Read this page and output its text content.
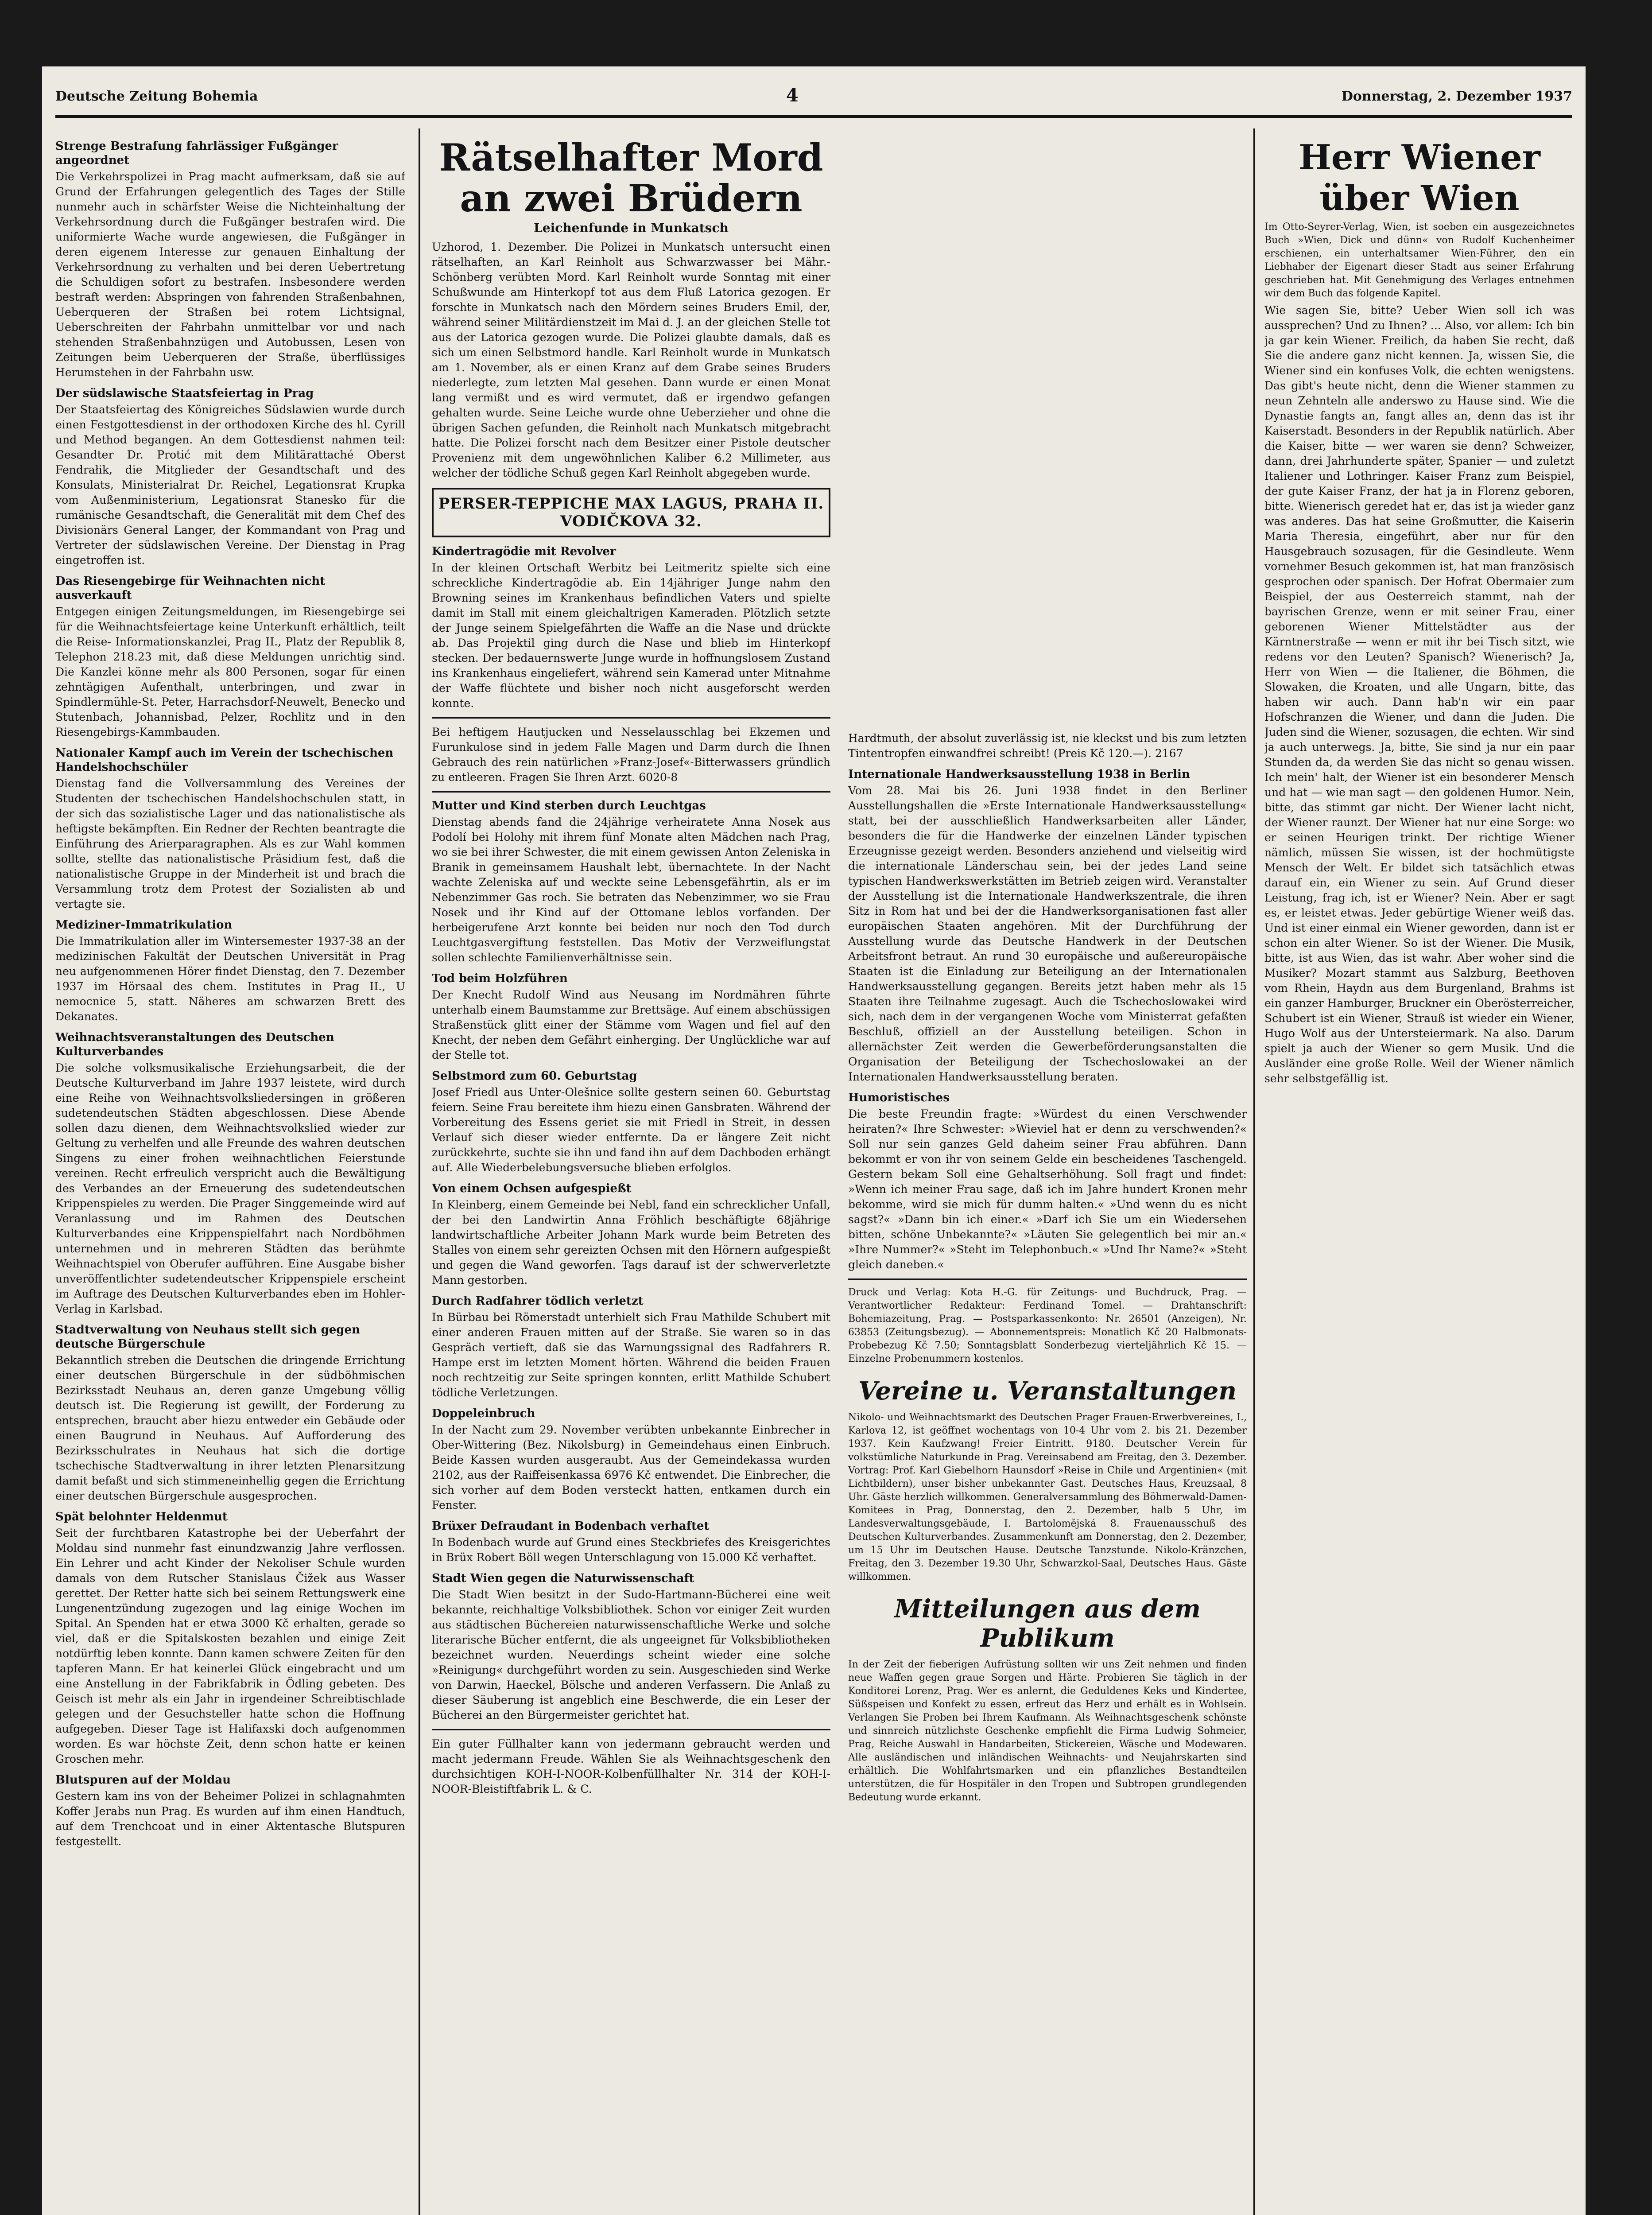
Deutsche Zeitung Bohemia	4	Donnerstag, 2. Dezember 1937
Strenge Bestrafung fahrlässiger Fußgänger angeordnet
Die Verkehrspolizei in Prag macht aufmerksam, daß sie auf Grund der Erfahrungen gelegentlich des Tages der Stille nunmehr auch in schärfster Weise die Nichteinhaltung der Verkehrsordnung durch die Fußgänger bestrafen wird. Die uniformierte Wache wurde angewiesen, die Fußgänger in deren eigenem Interesse zur genauen Einhaltung der Verkehrsordnung zu verhalten und bei deren Uebertretung die Schuldigen sofort zu bestrafen. Insbesondere werden bestraft werden: Abspringen von fahrenden Straßenbahnen, Ueberqueren der Straßen bei rotem Lichtsignal, Ueberschreiten der Fahrbahn unmittelbar vor und nach stehenden Straßenbahnzügen und Autobussen, Lesen von Zeitungen beim Ueberqueren der Straße, überflüssiges Herumstehen in der Fahrbahn usw.
Der südslawische Staatsfeiertag in Prag
Der Staatsfeiertag des Königreiches Südslawien wurde durch einen Festgottesdienst in der orthodoxen Kirche des hl. Cyrill und Method begangen. An dem Gottesdienst nahmen teil: Gesandter Dr. Protić mit dem Militärattaché Oberst Fendrałik, die Mitglieder der Gesandtschaft und des Konsulats, Ministerialrat Dr. Reichel, Legationsrat Krupka vom Außenministerium, Legationsrat Stanesko für die rumänische Gesandtschaft, die Generalität mit dem Chef des Divisionärs General Langer, der Kommandant von Prag und Vertreter der südslawischen Vereine. Der Dienstag in Prag eingetroffen ist.
Das Riesengebirge für Weihnachten nicht ausverkauft
Entgegen einigen Zeitungsmeldungen, im Riesengebirge sei für die Weihnachtsfeiertage keine Unterkunft erhältlich, teilt die Reise- Informationskanzlei, Prag II., Platz der Republik 8, Telephon 218.23 mit, daß diese Meldungen unrichtig sind. Die Kanzlei könne mehr als 800 Personen, sogar für einen zehntägigen Aufenthalt, unterbringen, und zwar in Spindlermühle-St. Peter, Harrachsdorf-Neuwelt, Benecko und Stutenbach, Johannisbad, Pelzer, Rochlitz und in den Riesengebirgs-Kammbauden.
Nationaler Kampf auch im Verein der tschechischen Handelshochschüler
Dienstag fand die Vollversammlung des Vereines der Studenten der tschechischen Handelshochschulen statt, in der sich das sozialistische Lager und das nationalistische als heftigste bekämpften. Ein Redner der Rechten beantragte die Einführung des Arierparagraphen. Als es zur Wahl kommen sollte, stellte das nationalistische Präsidium fest, daß die nationalistische Gruppe in der Minderheit ist und brach die Versammlung trotz dem Protest der Sozialisten ab und vertagte sie.
Mediziner-Immatrikulation
Die Immatrikulation aller im Wintersemester 1937-38 an der medizinischen Fakultät der Deutschen Universität in Prag neu aufgenommenen Hörer findet Dienstag, den 7. Dezember 1937 im Hörsaal des chem. Institutes in Prag II., U nemocnice 5, statt. Näheres am schwarzen Brett des Dekanates.
Weihnachtsveranstaltungen des Deutschen Kulturverbandes
Die solche volksmusikalische Erziehungsarbeit, die der Deutsche Kulturverband im Jahre 1937 leistete, wird durch eine Reihe von Weihnachtsvolksliedersingen in größeren sudetendeutschen Städten abgeschlossen. Diese Abende sollen dazu dienen, dem Weihnachtsvolkslied wieder zur Geltung zu verhelfen und alle Freunde des wahren deutschen Singens zu einer frohen weihnachtlichen Feierstunde vereinen. Recht erfreulich verspricht auch die Bewältigung des Verbandes an der Erneuerung des sudetendeutschen Krippenspieles zu werden. Die Prager Singgemeinde wird auf Veranlassung und im Rahmen des Deutschen Kulturverbandes eine Krippenspielfahrt nach Nordböhmen unternehmen und in mehreren Städten das berühmte Weihnachtspiel von Oberufer aufführen. Eine Ausgabe bisher unveröffentlichter sudetendeutscher Krippenspiele erscheint im Auftrage des Deutschen Kulturverbandes eben im Hohler-Verlag in Karlsbad.
Stadtverwaltung von Neuhaus stellt sich gegen deutsche Bürgerschule
Bekanntlich streben die Deutschen die dringende Errichtung einer deutschen Bürgerschule in der südböhmischen Bezirksstadt Neuhaus an, deren ganze Umgebung völlig deutsch ist. Die Regierung ist gewillt, der Forderung zu entsprechen, braucht aber hiezu entweder ein Gebäude oder einen Baugrund in Neuhaus. Auf Aufforderung des Bezirksschulrates in Neuhaus hat sich die dortige tschechische Stadtverwaltung in ihrer letzten Plenarsitzung damit befaßt und sich stimmeneinhellig gegen die Errichtung einer deutschen Bürgerschule ausgesprochen.
Spät belohnter Heldenmut
Seit der furchtbaren Katastrophe bei der Ueberfahrt der Moldau sind nunmehr fast einundzwanzig Jahre verflossen. Ein Lehrer und acht Kinder der Nekoliser Schule wurden damals von dem Rutscher Stanislaus Čižek aus Wasser gerettet. Der Retter hatte sich bei seinem Rettungswerk eine Lungenentzündung zugezogen und lag einige Wochen im Spital. An Spenden hat er etwa 3000 Kč erhalten, gerade so viel, daß er die Spitalskosten bezahlen und einige Zeit notdürftig leben konnte. Dann kamen schwere Zeiten für den tapferen Mann. Er hat keinerlei Glück eingebracht und um eine Anstellung in der Fabrikfabrik in Ödling gebeten. Des Geisch ist mehr als ein Jahr in irgendeiner Schreibtischlade gelegen und der Gesuchsteller hatte schon die Hoffnung aufgegeben. Dieser Tage ist Halifaxski doch aufgenommen worden. Es war höchste Zeit, denn schon hatte er keinen Groschen mehr.
Blutspuren auf der Moldau
Gestern kam ins von der Beheimer Polizei in schlagnahmten Koffer Jerabs nun Prag. Es wurden auf ihm einen Handtuch, auf dem Trenchcoat und in einer Aktentasche Blutspuren festgestellt.
Rätselhafter Mord an zwei Brüdern
Leichenfunde in Munkatsch
Uzhorod, 1. Dezember. Die Polizei in Munkatsch untersucht einen rätselhaften, an Karl Reinholt aus Schwarzwasser bei Mähr.-Schönberg verübten Mord. Karl Reinholt wurde Sonntag mit einer Schußwunde am Hinterkopf tot aus dem Fluß Latorica gezogen. Er forschte in Munkatsch nach den Mördern seines Bruders Emil, der, während seiner Militärdienstzeit im Mai d. J. an der gleichen Stelle tot aus der Latorica gezogen wurde. Die Polizei glaubte damals, daß es sich um einen Selbstmord handle. Karl Reinholt wurde in Munkatsch am 1. November, als er einen Kranz auf dem Grabe seines Bruders niederlegte, zum letzten Mal gesehen. Dann wurde er einen Monat lang vermißt und es wird vermutet, daß er irgendwo gefangen gehalten wurde. Seine Leiche wurde ohne Ueberzieher und ohne die übrigen Sachen gefunden, die Reinholt nach Munkatsch mitgebracht hatte. Die Polizei forscht nach dem Besitzer einer Pistole deutscher Provenienz mit dem ungewöhnlichen Kaliber 6.2 Millimeter, aus welcher der tödliche Schuß gegen Karl Reinholt abgegeben wurde.
PERSER-TEPPICHE MAX LAGUS, PRAHA II. VODIČKOVA 32.
Kindertragödie mit Revolver
In der kleinen Ortschaft Werbitz bei Leitmeritz spielte sich eine schreckliche Kindertragödie ab. Ein 14jähriger Junge nahm den Browning seines im Krankenhaus befindlichen Vaters und spielte damit im Stall mit einem gleichaltrigen Kameraden. Plötzlich setzte der Junge seinem Spielgefährten die Waffe an die Nase und drückte ab. Das Projektil ging durch die Nase und blieb im Hinterkopf stecken. Der bedauernswerte Junge wurde in hoffnungslosem Zustand ins Krankenhaus eingeliefert, während sein Kamerad unter Mitnahme der Waffe flüchtete und bisher noch nicht ausgeforscht werden konnte.
Bei heftigem Hautjucken und Nesselausschlag bei Ekzemen und Furunkulose sind in jedem Falle Magen und Darm durch die Ihnen Gebrauch des rein natürlichen »Franz-Josef«-Bitterwassers gründlich zu entleeren. Fragen Sie Ihren Arzt. 6020-8
Mutter und Kind sterben durch Leuchtgas
Dienstag abends fand die 24jährige verheiratete Anna Nosek aus Podolí bei Holohy mit ihrem fünf Monate alten Mädchen nach Prag, wo sie bei ihrer Schwester, die mit einem gewissen Anton Zeleniska in Branik in gemeinsamem Haushalt lebt, übernachtete. In der Nacht wachte Zeleniska auf und weckte seine Lebensgefährtin, als er im Nebenzimmer Gas roch. Sie betraten das Nebenzimmer, wo sie Frau Nosek und ihr Kind auf der Ottomane leblos vorfanden. Der herbeigerufene Arzt konnte bei beiden nur noch den Tod durch Leuchtgasvergiftung feststellen. Das Motiv der Verzweiflungstat sollen schlechte Familienverhältnisse sein.
Tod beim Holzführen
Der Knecht Rudolf Wind aus Neusang im Nordmähren führte unterhalb einem Baumstamme zur Brettsäge. Auf einem abschüssigen Straßenstück glitt einer der Stämme vom Wagen und fiel auf den Knecht, der neben dem Gefährt einherging. Der Unglückliche war auf der Stelle tot.
Selbstmord zum 60. Geburtstag
Josef Friedl aus Unter-Olešnice sollte gestern seinen 60. Geburtstag feiern. Seine Frau bereitete ihm hiezu einen Gansbraten. Während der Vorbereitung des Essens geriet sie mit Friedl in Streit, in dessen Verlauf sich dieser wieder entfernte. Da er längere Zeit nicht zurückkehrte, suchte sie ihn und fand ihn auf dem Dachboden erhängt auf. Alle Wiederbelebungsversuche blieben erfolglos.
Von einem Ochsen aufgespießt
In Kleinberg, einem Gemeinde bei Nebl, fand ein schrecklicher Unfall, der bei den Landwirtin Anna Fröhlich beschäftigte 68jährige landwirtschaftliche Arbeiter Johann Mark wurde beim Betreten des Stalles von einem sehr gereizten Ochsen mit den Hörnern aufgespießt und gegen die Wand geworfen. Tags darauf ist der schwerverletzte Mann gestorben.
Durch Radfahrer tödlich verletzt
In Bürbau bei Römerstadt unterhielt sich Frau Mathilde Schubert mit einer anderen Frauen mitten auf der Straße. Sie waren so in das Gespräch vertieft, daß sie das Warnungssignal des Radfahrers R. Hampe erst im letzten Moment hörten. Während die beiden Frauen noch rechtzeitig zur Seite springen konnten, erlitt Mathilde Schubert tödliche Verletzungen.
Doppeleinbruch
In der Nacht zum 29. November verübten unbekannte Einbrecher in Ober-Wittering (Bez. Nikolsburg) in Gemeindehaus einen Einbruch. Beide Kassen wurden ausgeraubt. Aus der Gemeindekassa wurden 2102, aus der Raiffeisenkassa 6976 Kč entwendet. Die Einbrecher, die sich vorher auf dem Boden versteckt hatten, entkamen durch ein Fenster.
Brüxer Defraudant in Bodenbach verhaftet
In Bodenbach wurde auf Grund eines Steckbriefes des Kreisgerichtes in Brüx Robert Böll wegen Unterschlagung von 15.000 Kč verhaftet.
Stadt Wien gegen die Naturwissenschaft
Die Stadt Wien besitzt in der Sudo-Hartmann-Bücherei eine weit bekannte, reichhaltige Volksbibliothek. Schon vor einiger Zeit wurden aus städtischen Büchereien naturwissenschaftliche Werke und solche literarische Bücher entfernt, die als ungeeignet für Volksbibliotheken bezeichnet wurden. Neuerdings scheint wieder eine solche »Reinigung« durchgeführt worden zu sein. Ausgeschieden sind Werke von Darwin, Haeckel, Bölsche und anderen Verfassern. Die Anlaß zu dieser Säuberung ist angeblich eine Beschwerde, die ein Leser der Bücherei an den Bürgermeister gerichtet hat.
Ein guter Füllhalter kann von jedermann gebraucht werden und macht jedermann Freude. Wählen Sie als Weihnachtsgeschenk den durchsichtigen KOH-I-NOOR-Kolbenfüllhalter Nr. 314 der KOH-I-NOOR-Bleistiftfabrik L. & C.
Hardtmuth, der absolut zuverlässig ist, nie kleckst und bis zum letzten Tintentropfen einwandfrei schreibt! (Preis Kč 120.—). 2167
Internationale Handwerksausstellung 1938 in Berlin
Vom 28. Mai bis 26. Juni 1938 findet in den Berliner Ausstellungshallen die »Erste Internationale Handwerksausstellung« statt, bei der ausschließlich Handwerksarbeiten aller Länder, besonders die für die Handwerke der einzelnen Länder typischen Erzeugnisse gezeigt werden. Besonders anziehend und vielseitig wird die internationale Länderschau sein, bei der jedes Land seine typischen Handwerkswerkstätten im Betrieb zeigen wird. Veranstalter der Ausstellung ist die Internationale Handwerkszentrale, die ihren Sitz in Rom hat und bei der die Handwerksorganisationen fast aller europäischen Staaten angehören. Mit der Durchführung der Ausstellung wurde das Deutsche Handwerk in der Deutschen Arbeitsfront betraut. An rund 30 europäische und außereuropäische Staaten ist die Einladung zur Beteiligung an der Internationalen Handwerksausstellung gegangen. Bereits jetzt haben mehr als 15 Staaten ihre Teilnahme zugesagt. Auch die Tschechoslowakei wird sich, nach dem in der vergangenen Woche vom Ministerrat gefaßten Beschluß, offiziell an der Ausstellung beteiligen. Schon in allernächster Zeit werden die Gewerbeförderungsanstalten die Organisation der Beteiligung der Tschechoslowakei an der Internationalen Handwerksausstellung beraten.
Humoristisches
Die beste Freundin fragte: »Würdest du einen Verschwender heiraten?« Ihre Schwester: »Wieviel hat er denn zu verschwenden?« Soll nur sein ganzes Geld daheim seiner Frau abführen. Dann bekommt er von ihr von seinem Gelde ein bescheidenes Taschengeld. Gestern bekam Soll eine Gehaltserhöhung. Soll fragt und findet: »Wenn ich meiner Frau sage, daß ich im Jahre hundert Kronen mehr bekomme, wird sie mich für dumm halten.« »Und wenn du es nicht sagst?« »Dann bin ich einer.« »Darf ich Sie um ein Wiedersehen bitten, schöne Unbekannte?« »Läuten Sie gelegentlich bei mir an.« »Ihre Nummer?« »Steht im Telephonbuch.« »Und Ihr Name?« »Steht gleich daneben.«
Druck und Verlag: Kota H.-G. für Zeitungs- und Buchdruck, Prag. — Verantwortlicher Redakteur: Ferdinand Tomel. — Drahtanschrift: Bohemiazeitung, Prag. — Postsparkassenkonto: Nr. 26501 (Anzeigen), Nr. 63853 (Zeitungsbezug). — Abonnementspreis: Monatlich Kč 20 Halbmonats-Probebezug Kč 7.50; Sonntagsblatt Sonderbezug vierteljährlich Kč 15. — Einzelne Probenummern kostenlos.
Vereine u. Veranstaltungen
Nikolo- und Weihnachtsmarkt des Deutschen Prager Frauen-Erwerbvereines, I., Karlova 12, ist geöffnet wochentags von 10-4 Uhr vom 2. bis 21. Dezember 1937. Kein Kaufzwang! Freier Eintritt. 9180. Deutscher Verein für volkstümliche Naturkunde in Prag. Vereinsabend am Freitag, den 3. Dezember. Vortrag: Prof. Karl Giebelhorn Haunsdorf »Reise in Chile und Argentinien« (mit Lichtbildern), unser bisher unbekannter Gast. Deutsches Haus, Kreuzsaal, 8 Uhr. Gäste herzlich willkommen. Generalversammlung des Böhmerwald-Damen-Komitees in Prag, Donnerstag, den 2. Dezember, halb 5 Uhr, im Landesverwaltungsgebäude, I. Bartolomějská 8. Frauenausschuß des Deutschen Kulturverbandes. Zusammenkunft am Donnerstag, den 2. Dezember, um 15 Uhr im Deutschen Hause. Deutsche Tanzstunde. Nikolo-Kränzchen, Freitag, den 3. Dezember 19.30 Uhr, Schwarzkol-Saal, Deutsches Haus. Gäste willkommen.
Mitteilungen aus dem Publikum
In der Zeit der fieberigen Aufrüstung sollten wir uns Zeit nehmen und finden neue Waffen gegen graue Sorgen und Härte. Probieren Sie täglich in der Konditorei Lorenz, Prag. Wer es anlernt, die Geduldenes Keks und Kindertee, Süßspeisen und Konfekt zu essen, erfreut das Herz und erhält es in Wohlsein. Verlangen Sie Proben bei Ihrem Kaufmann. Als Weihnachtsgeschenk schönste und sinnreich nützlichste Geschenke empfiehlt die Firma Ludwig Sohmeier, Prag, Reiche Auswahl in Handarbeiten, Stickereien, Wäsche und Modewaren. Alle ausländischen und inländischen Weihnachts- und Neujahrskarten sind erhältlich. Die Wohlfahrtsmarken und ein pflanzliches Bestandteilen unterstützen, die für Hospitäler in den Tropen und Subtropen grundlegenden Bedeutung wurde erkannt.
Herr Wiener über Wien
Im Otto-Seyrer-Verlag, Wien, ist soeben ein ausgezeichnetes Buch »Wien, Dick und dünn« von Rudolf Kuchenheimer erschienen, ein unterhaltsamer Wien-Führer, den ein Liebhaber der Eigenart dieser Stadt aus seiner Erfahrung geschrieben hat. Mit Genehmigung des Verlages entnehmen wir dem Buch das folgende Kapitel.
Wie sagen Sie, bitte? Ueber Wien soll ich was aussprechen? Und zu Ihnen? ... Also, vor allem: Ich bin ja gar kein Wiener. Freilich, da haben Sie recht, daß Sie die andere ganz nicht kennen. Ja, wissen Sie, die Wiener sind ein konfuses Volk, die echten wenigstens. Das gibt's heute nicht, denn die Wiener stammen zu neun Zehnteln alle anderswo zu Hause sind. Wie die Dynastie fangts an, fangt alles an, denn das ist ihr Kaiserstadt. Besonders in der Republik natürlich. Aber die Kaiser, bitte — wer waren sie denn? Schweizer, dann, drei Jahrhunderte später, Spanier — und zuletzt Italiener und Lothringer. Kaiser Franz zum Beispiel, der gute Kaiser Franz, der hat ja in Florenz geboren, bitte. Wienerisch geredet hat er, das ist ja wieder ganz was anderes. Das hat seine Großmutter, die Kaiserin Maria Theresia, eingeführt, aber nur für den Hausgebrauch sozusagen, für die Gesindleute. Wenn vornehmer Besuch gekommen ist, hat man französisch gesprochen oder spanisch. Der Hofrat Obermaier zum Beispiel, der aus Oesterreich stammt, nah der bayrischen Grenze, wenn er mit seiner Frau, einer geborenen Wiener Mittelstädter aus der Kärntnerstraße — wenn er mit ihr bei Tisch sitzt, wie redens vor den Leuten? Spanisch? Wienerisch? Ja, Herr von Wien — die Italiener, die Böhmen, die Slowaken, die Kroaten, und alle Ungarn, bitte, das haben wir auch. Dann hab'n wir ein paar Hofschranzen die Wiener, und dann die Juden. Die Juden sind die Wiener, sozusagen, die echten. Wir sind ja auch unterwegs. Ja, bitte, Sie sind ja nur ein paar Stunden da, da werden Sie das nicht so genau wissen. Ich mein' halt, der Wiener ist ein besonderer Mensch und hat — wie man sagt — den goldenen Humor. Nein, bitte, das stimmt gar nicht. Der Wiener lacht nicht, der Wiener raunzt. Der Wiener hat nur eine Sorge: wo er seinen Heurigen trinkt. Der richtige Wiener nämlich, müssen Sie wissen, ist der hochmütigste Mensch der Welt. Er bildet sich tatsächlich etwas darauf ein, ein Wiener zu sein. Auf Grund dieser Leistung, frag ich, ist er Wiener? Nein. Aber er sagt es, er leistet etwas. Jeder gebürtige Wiener weiß das. Und ist einer einmal ein Wiener geworden, dann ist er schon ein alter Wiener. So ist der Wiener. Die Musik, bitte, ist aus Wien, das ist wahr. Aber woher sind die Musiker? Mozart stammt aus Salzburg, Beethoven vom Rhein, Haydn aus dem Burgenland, Brahms ist ein ganzer Hamburger, Bruckner ein Oberösterreicher, Schubert ist ein Wiener, Strauß ist wieder ein Wiener, Hugo Wolf aus der Untersteiermark. Na also. Darum spielt ja auch der Wiener so gern Musik. Und die Ausländer eine große Rolle. Weil der Wiener nämlich sehr selbstgefällig ist.
